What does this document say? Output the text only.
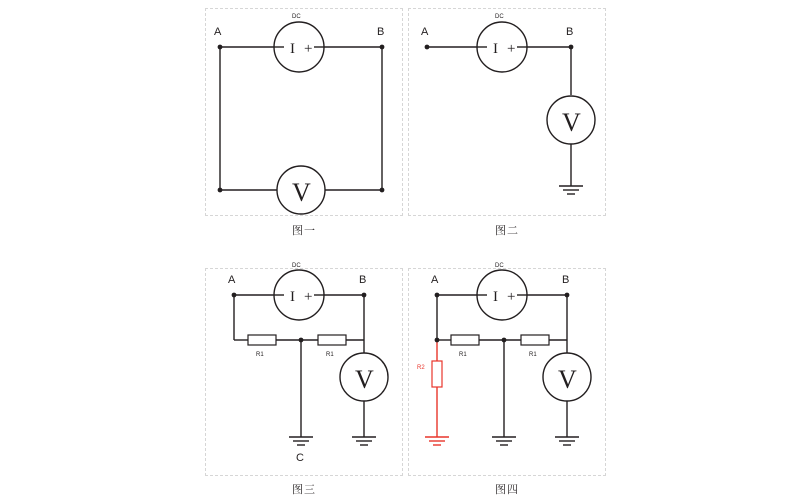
I +
DC
V
A	B
图一
I +
DC
V
A	B
图二
I +
DC
R1	R1
C
V
A	B
图三
I +
DC
R1	R1
R2	V
A	B
图四
